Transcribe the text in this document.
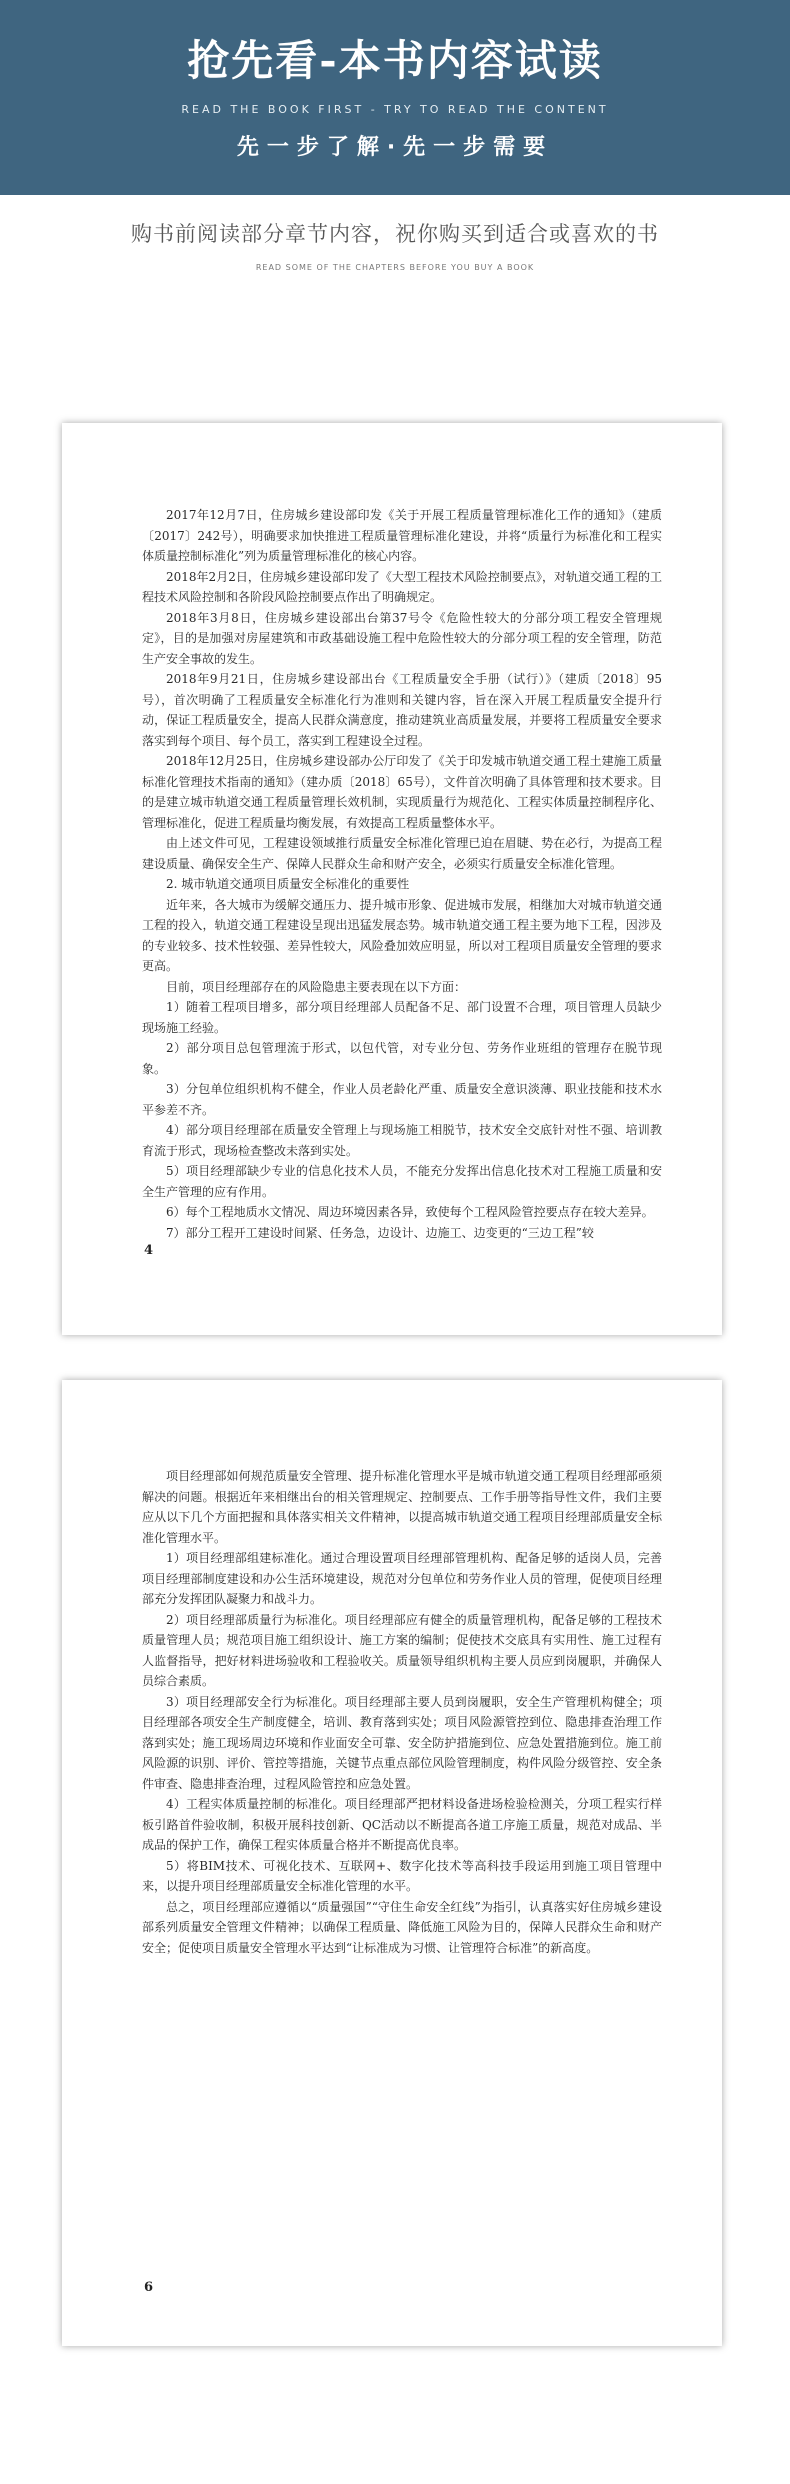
抢先看-本书内容试读
READ THE BOOK FIRST - TRY TO READ THE CONTENT
先一步了解·先一步需要
购书前阅读部分章节内容，祝你购买到适合或喜欢的书
READ SOME OF THE CHAPTERS BEFORE YOU BUY A BOOK

2017年12月7日，住房城乡建设部印发《关于开展工程质量管理标准化工作的通知》（建质〔2017〕242号），明确要求加快推进工程质量管理标准化建设，并将“质量行为标准化和工程实体质量控制标准化”列为质量管理标准化的核心内容。

2018年2月2日，住房城乡建设部印发了《大型工程技术风险控制要点》，对轨道交通工程的工程技术风险控制和各阶段风险控制要点作出了明确规定。

2018年3月8日，住房城乡建设部出台第37号令《危险性较大的分部分项工程安全管理规定》，目的是加强对房屋建筑和市政基础设施工程中危险性较大的分部分项工程的安全管理，防范生产安全事故的发生。

2018年9月21日，住房城乡建设部出台《工程质量安全手册（试行）》（建质〔2018〕95号），首次明确了工程质量安全标准化行为准则和关键内容，旨在深入开展工程质量安全提升行动，保证工程质量安全，提高人民群众满意度，推动建筑业高质量发展，并要将工程质量安全要求落实到每个项目、每个员工，落实到工程建设全过程。

2018年12月25日，住房城乡建设部办公厅印发了《关于印发城市轨道交通工程土建施工质量标准化管理技术指南的通知》（建办质〔2018〕65号），文件首次明确了具体管理和技术要求。目的是建立城市轨道交通工程质量管理长效机制，实现质量行为规范化、工程实体质量控制程序化、管理标准化，促进工程质量均衡发展，有效提高工程质量整体水平。

由上述文件可见，工程建设领域推行质量安全标准化管理已迫在眉睫、势在必行，为提高工程建设质量、确保安全生产、保障人民群众生命和财产安全，必须实行质量安全标准化管理。

2. 城市轨道交通项目质量安全标准化的重要性

近年来，各大城市为缓解交通压力、提升城市形象、促进城市发展，相继加大对城市轨道交通工程的投入，轨道交通工程建设呈现出迅猛发展态势。城市轨道交通工程主要为地下工程，因涉及的专业较多、技术性较强、差异性较大，风险叠加效应明显，所以对工程项目质量安全管理的要求更高。

目前，项目经理部存在的风险隐患主要表现在以下方面：

1）随着工程项目增多，部分项目经理部人员配备不足、部门设置不合理，项目管理人员缺少现场施工经验。

2）部分项目总包管理流于形式，以包代管，对专业分包、劳务作业班组的管理存在脱节现象。

3）分包单位组织机构不健全，作业人员老龄化严重、质量安全意识淡薄、职业技能和技术水平参差不齐。

4）部分项目经理部在质量安全管理上与现场施工相脱节，技术安全交底针对性不强、培训教育流于形式，现场检查整改未落到实处。

5）项目经理部缺少专业的信息化技术人员，不能充分发挥出信息化技术对工程施工质量和安全生产管理的应有作用。

6）每个工程地质水文情况、周边环境因素各异，致使每个工程风险管控要点存在较大差异。

7）部分工程开工建设时间紧、任务急，边设计、边施工、边变更的“三边工程”较

4

项目经理部如何规范质量安全管理、提升标准化管理水平是城市轨道交通工程项目经理部亟须解决的问题。根据近年来相继出台的相关管理规定、控制要点、工作手册等指导性文件，我们主要应从以下几个方面把握和具体落实相关文件精神，以提高城市轨道交通工程项目经理部质量安全标准化管理水平。

1）项目经理部组建标准化。通过合理设置项目经理部管理机构、配备足够的适岗人员，完善项目经理部制度建设和办公生活环境建设，规范对分包单位和劳务作业人员的管理，促使项目经理部充分发挥团队凝聚力和战斗力。

2）项目经理部质量行为标准化。项目经理部应有健全的质量管理机构，配备足够的工程技术质量管理人员；规范项目施工组织设计、施工方案的编制；促使技术交底具有实用性、施工过程有人监督指导，把好材料进场验收和工程验收关。质量领导组织机构主要人员应到岗履职，并确保人员综合素质。

3）项目经理部安全行为标准化。项目经理部主要人员到岗履职，安全生产管理机构健全；项目经理部各项安全生产制度健全，培训、教育落到实处；项目风险源管控到位、隐患排查治理工作落到实处；施工现场周边环境和作业面安全可靠、安全防护措施到位、应急处置措施到位。施工前风险源的识别、评价、管控等措施，关键节点重点部位风险管理制度，构件风险分级管控、安全条件审查、隐患排查治理，过程风险管控和应急处置。

4）工程实体质量控制的标准化。项目经理部严把材料设备进场检验检测关，分项工程实行样板引路首件验收制，积极开展科技创新、QC活动以不断提高各道工序施工质量，规范对成品、半成品的保护工作，确保工程实体质量合格并不断提高优良率。

5）将BIM技术、可视化技术、互联网+、数字化技术等高科技手段运用到施工项目管理中来，以提升项目经理部质量安全标准化管理的水平。

总之，项目经理部应遵循以“质量强国”“守住生命安全红线”为指引，认真落实好住房城乡建设部系列质量安全管理文件精神；以确保工程质量、降低施工风险为目的，保障人民群众生命和财产安全；促使项目质量安全管理水平达到“让标准成为习惯、让管理符合标准”的新高度。

6
